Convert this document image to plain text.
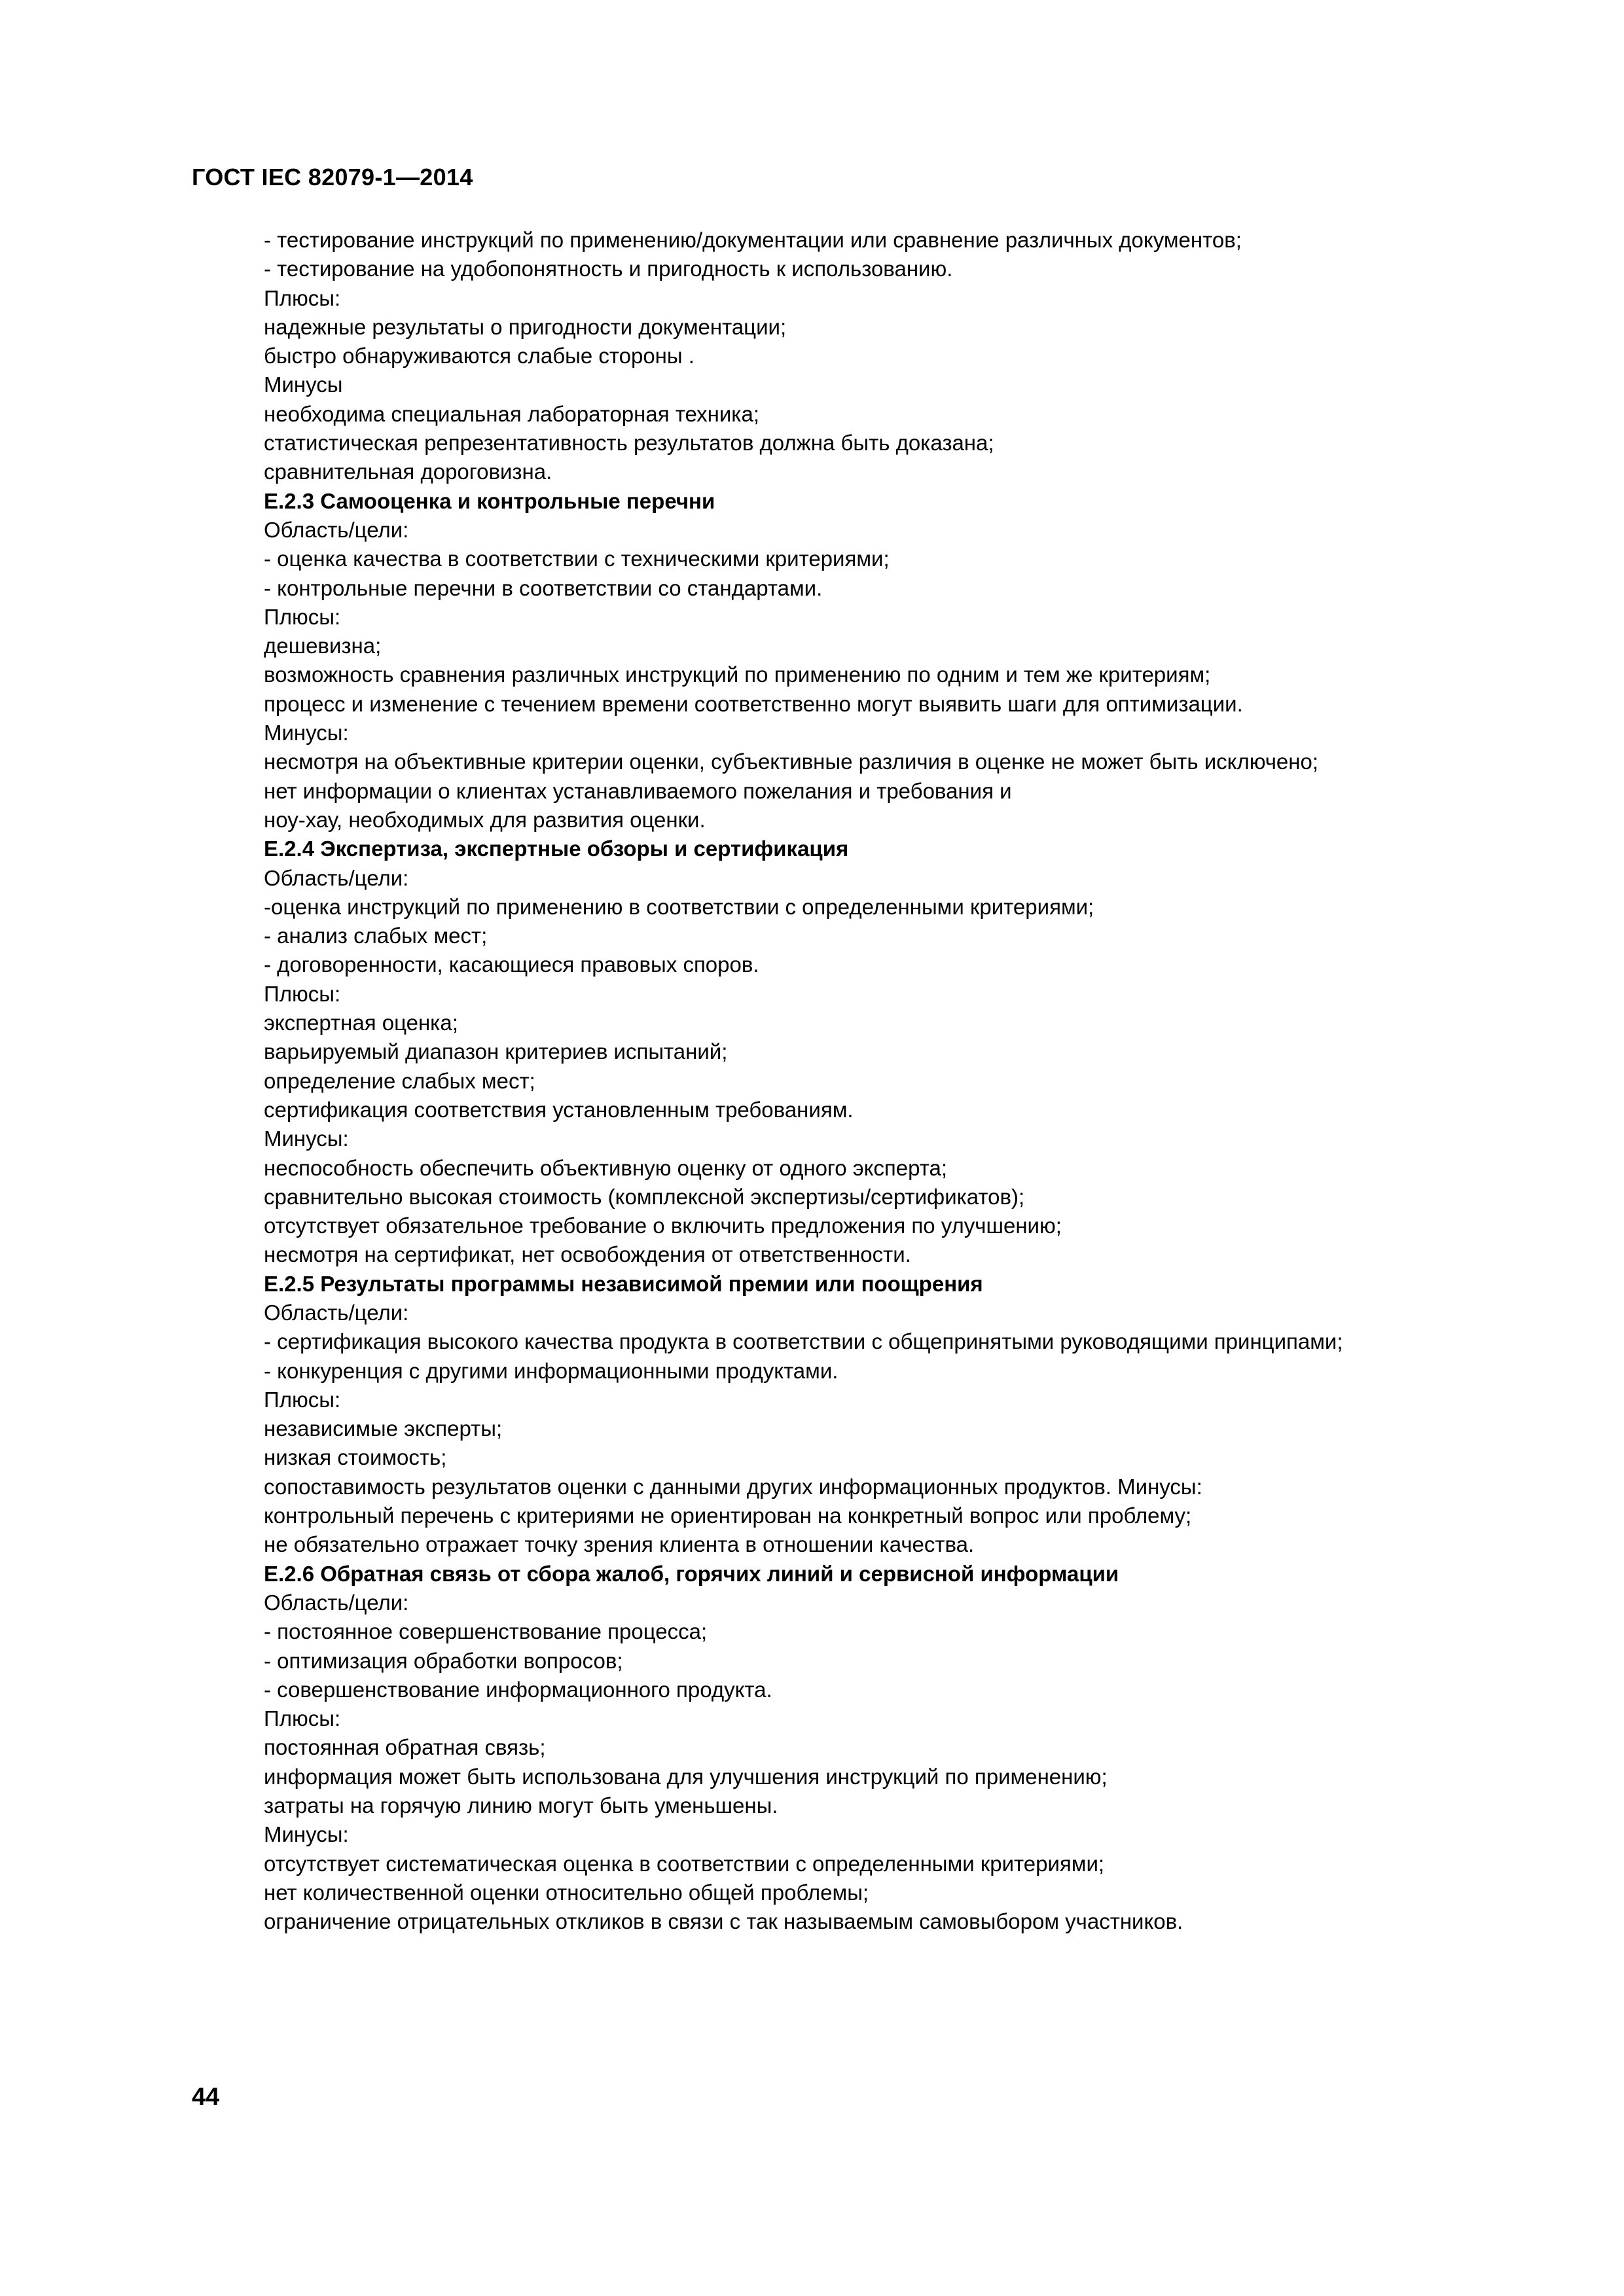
ГОСТ IEC 82079-1—2014
- тестирование инструкций по применению/документации или сравнение различных документов;
- тестирование на удобопонятность и пригодность к использованию.
Плюсы:
надежные результаты о пригодности документации;
быстро обнаруживаются слабые стороны .
Минусы
необходима специальная лабораторная техника;
статистическая репрезентативность результатов должна быть доказана;
сравнительная дороговизна.
E.2.3 Самооценка и контрольные перечни
Область/цели:
- оценка качества в соответствии с техническими критериями;
- контрольные перечни в соответствии со стандартами.
Плюсы:
дешевизна;
возможность сравнения различных инструкций по применению по одним и тем же критериям;
процесс и изменение с течением времени соответственно могут выявить шаги для оптимизации.
Минусы:
несмотря на объективные критерии оценки, субъективные различия в оценке не может быть исключено;
нет информации о клиентах устанавливаемого пожелания и требования и
ноу-хау, необходимых для развития оценки.
E.2.4 Экспертиза, экспертные обзоры и сертификация
Область/цели:
-оценка инструкций по применению в соответствии с определенными критериями;
- анализ слабых мест;
- договоренности, касающиеся правовых споров.
Плюсы:
экспертная оценка;
варьируемый диапазон критериев испытаний;
определение слабых мест;
сертификация соответствия установленным требованиям.
Минусы:
неспособность обеспечить объективную оценку от одного эксперта;
сравнительно высокая стоимость (комплексной экспертизы/сертификатов);
отсутствует обязательное требование о включить предложения по улучшению;
несмотря на сертификат, нет освобождения от ответственности.
E.2.5 Результаты программы независимой премии или поощрения
Область/цели:
- сертификация высокого качества продукта в соответствии с общепринятыми руководящими принципами;
- конкуренция с другими информационными продуктами.
Плюсы:
независимые эксперты;
низкая стоимость;
сопоставимость результатов оценки с данными других информационных продуктов. Минусы:
контрольный перечень с критериями не ориентирован на конкретный вопрос или проблему;
не обязательно отражает точку зрения клиента в отношении качества.
E.2.6 Обратная связь от сбора жалоб, горячих линий и сервисной информации
Область/цели:
- постоянное совершенствование процесса;
- оптимизация обработки вопросов;
- совершенствование информационного продукта.
Плюсы:
постоянная обратная связь;
информация может быть использована для улучшения инструкций по применению;
затраты на горячую линию могут быть уменьшены.
Минусы:
отсутствует систематическая оценка в соответствии с определенными критериями;
нет количественной оценки относительно общей проблемы;
ограничение отрицательных откликов в связи с так называемым самовыбором участников.
44
